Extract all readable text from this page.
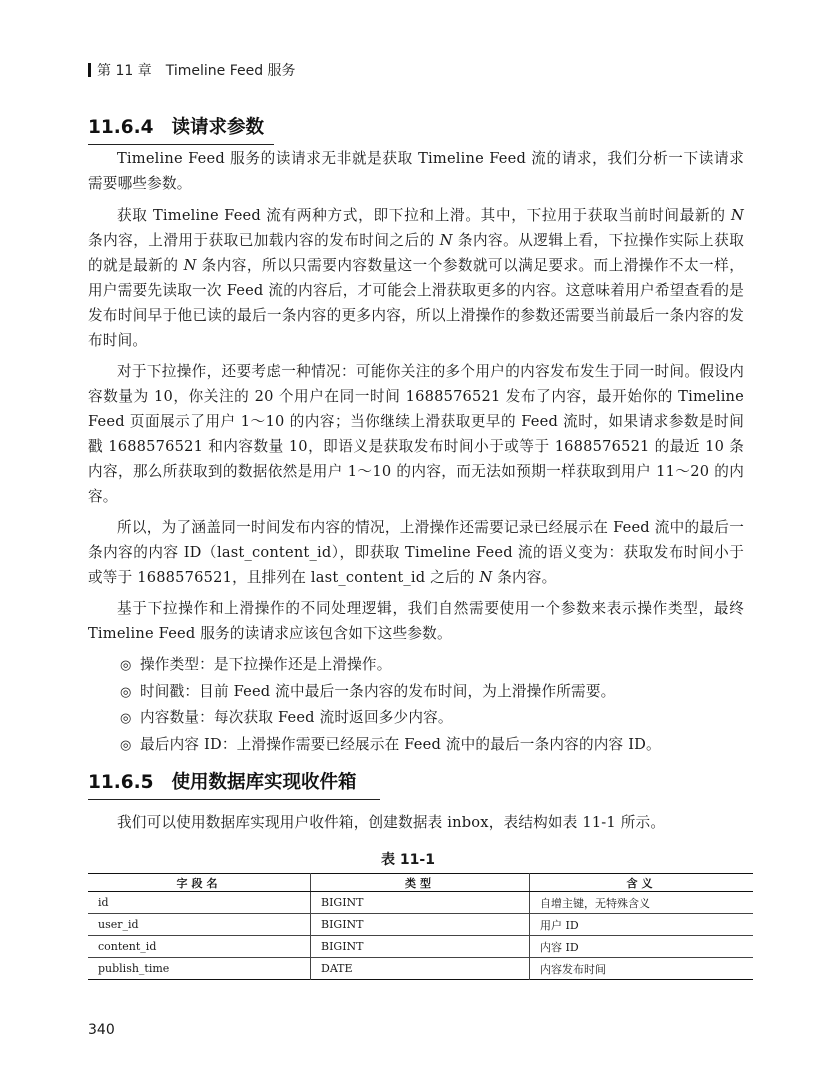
第 11 章 Timeline Feed 服务
11.6.4 读请求参数

Timeline Feed 服务的读请求无非就是获取 Timeline Feed 流的请求，我们分析一下读请求需要哪些参数。

获取 Timeline Feed 流有两种方式，即下拉和上滑。其中，下拉用于获取当前时间最新的 N 条内容，上滑用于获取已加载内容的发布时间之后的 N 条内容。从逻辑上看，下拉操作实际上获取的就是最新的 N 条内容，所以只需要内容数量这一个参数就可以满足要求。而上滑操作不太一样，用户需要先读取一次 Feed 流的内容后，才可能会上滑获取更多的内容。这意味着用户希望查看的是发布时间早于他已读的最后一条内容的更多内容，所以上滑操作的参数还需要当前最后一条内容的发布时间。

对于下拉操作，还要考虑一种情况：可能你关注的多个用户的内容发布发生于同一时间。假设内容数量为 10，你关注的 20 个用户在同一时间 1688576521 发布了内容，最开始你的 Timeline Feed 页面展示了用户 1～10 的内容；当你继续上滑获取更早的 Feed 流时，如果请求参数是时间戳 1688576521 和内容数量 10，即语义是获取发布时间小于或等于 1688576521 的最近 10 条内容，那么所获取到的数据依然是用户 1～10 的内容，而无法如预期一样获取到用户 11～20 的内容。

所以，为了涵盖同一时间发布内容的情况，上滑操作还需要记录已经展示在 Feed 流中的最后一条内容的内容 ID（last_content_id），即获取 Timeline Feed 流的语义变为：获取发布时间小于或等于 1688576521，且排列在 last_content_id 之后的 N 条内容。

基于下拉操作和上滑操作的不同处理逻辑，我们自然需要使用一个参数来表示操作类型，最终 Timeline Feed 服务的读请求应该包含如下这些参数。

◎ 操作类型：是下拉操作还是上滑操作。
◎ 时间戳：目前 Feed 流中最后一条内容的发布时间，为上滑操作所需要。
◎ 内容数量：每次获取 Feed 流时返回多少内容。
◎ 最后内容 ID：上滑操作需要已经展示在 Feed 流中的最后一条内容的内容 ID。
11.6.5 使用数据库实现收件箱

我们可以使用数据库实现用户收件箱，创建数据表 inbox，表结构如表 11-1 所示。

表 11-1
字段名	类型	含义
id	BIGINT	自增主键，无特殊含义
user_id	BIGINT	用户 ID
content_id	BIGINT	内容 ID
publish_time	DATE	内容发布时间
340
